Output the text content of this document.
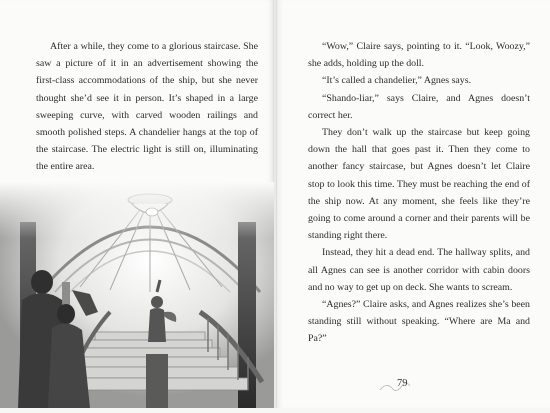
After a while, they come to a glorious staircase. She saw a picture of it in an advertisement showing the first-class accommodations of the ship, but she never thought she’d see it in person. It’s shaped in a large sweeping curve, with carved wooden railings and smooth polished steps. A chandelier hangs at the top of the staircase. The electric light is still on, illuminating the entire area.

“Wow,” Claire says, pointing to it. “Look, Woozy,” she adds, holding up the doll.

“It’s called a chandelier,” Agnes says.

“Shando-liar,” says Claire, and Agnes doesn’t correct her.

They don’t walk up the staircase but keep going down the hall that goes past it. Then they come to another fancy staircase, but Agnes doesn’t let Claire stop to look this time. They must be reaching the end of the ship now. At any moment, she feels like they’re going to come around a corner and their parents will be standing right there.

Instead, they hit a dead end. The hallway splits, and all Agnes can see is another corridor with cabin doors and no way to get up on deck. She wants to scream.

“Agnes?” Claire asks, and Agnes realizes she’s been standing still without speaking. “Where are Ma and Pa?”

79
